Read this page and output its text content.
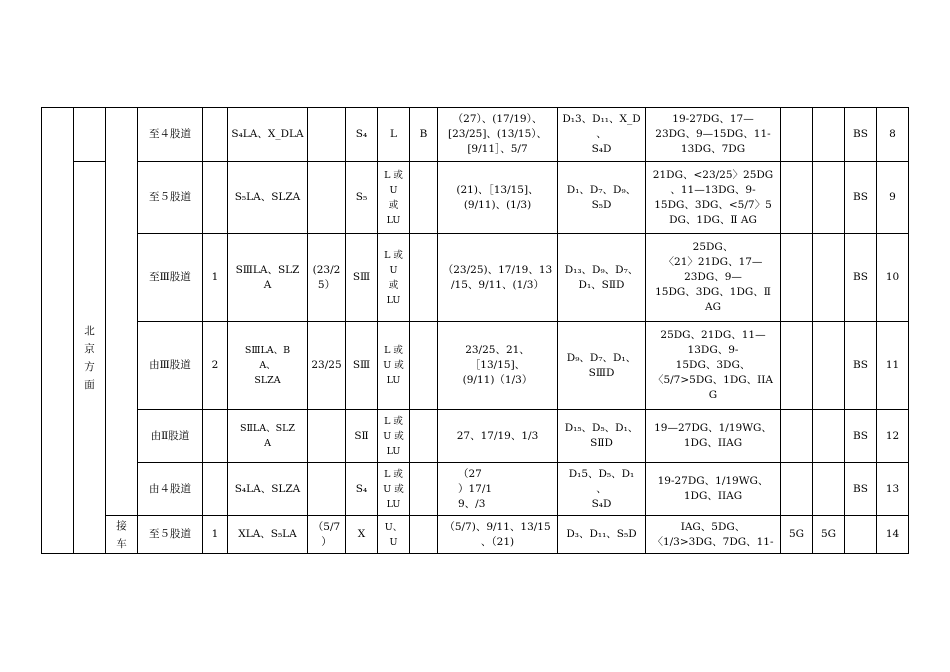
			至４股道		S₄LA、X_DLA		S₄	L	B	（27）、(17/19）、
[23/25]、(13/15）、
[9/11］、5/7	D₁3、D₁₁、X_D
、
S₄D	19-27DG、17—
23DG、9—15DG、11-
13DG、7DG			BS	8
	北
京
方
面		至５股道		S₅LA、SLZA		S₅	L 或
U
或
LU		(21)、［13/15]、
(9/11)、(1/3)	D₁、D₇、D₉、
S₅D	21DG、<23/25〉25DG
、11—13DG、9-
15DG、3DG、<5/7〉5
DG、1DG、Ⅱ AG			BS	9
			至Ⅲ股道	1	SⅢLA、SLZ
A	(23/2
5）	SⅢ	L 或
U
或
LU		（23/25)、17/19、13
/15、9/11、(1/3）	D₁₃、D₉、D₇、
D₁、SⅡD	25DG、
〈21〉21DG、17—
23DG、9—
15DG、3DG、1DG、Ⅱ
AG			BS	10
			由Ⅲ股道	2	SⅢLA、B
A、
SLZA	23/25	SⅢ	L 或
U 或
LU		23/25、21、
［13/15]、
(9/11)（1/3）	D₉、D₇、D₁、
SⅢD	25DG、21DG、11—
13DG、9-
15DG、3DG、
〈5/7>5DG、1DG、IIA
G			BS	11
			由Ⅱ股道		SⅡLA、SLZ
A		SⅡ	L 或
U 或
LU		27、17/19、1/3	D₁₅、D₅、D₁、
SⅡD	19—27DG、1/19WG、
1DG、IIAG			BS	12
			由４股道		S₄LA、SLZA		S₄	L 或
U 或
LU		（27
）17/1
9、/3	D₁5、D₅、D₁
、
S₄D	19-27DG、1/19WG、
1DG、IIAG			BS	13
		接
车	至５股道	1	XLA、S₅LA	（5/7
）	X	U、
U		（5/7)、9/11、13/15
、（21)	D₃、D₁₁、S₅D	IAG、5DG、
〈1/3>3DG、7DG、11-	5G	5G		14
